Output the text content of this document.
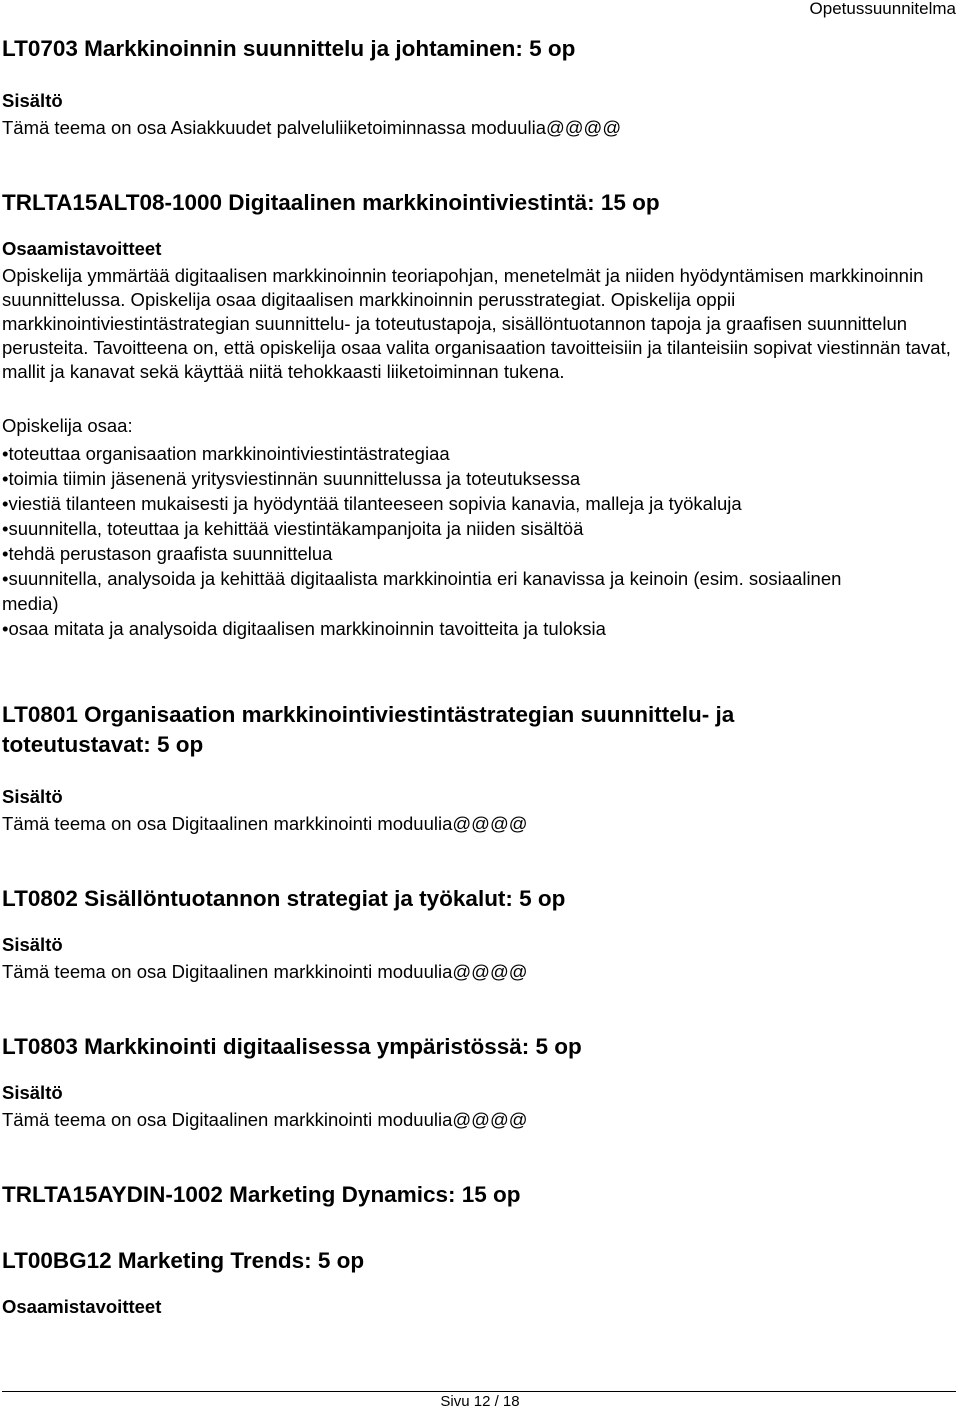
Opetussuunnitelma
LT0703 Markkinoinnin suunnittelu ja johtaminen: 5 op
Sisältö

Tämä teema on osa Asiakkuudet palveluliiketoiminnassa moduulia@@@@

TRLTA15ALT08-1000 Digitaalinen markkinointiviestintä: 15 op
Osaamistavoitteet

Opiskelija ymmärtää digitaalisen markkinoinnin teoriapohjan, menetelmät ja niiden hyödyntämisen markkinoinnin suunnittelussa. Opiskelija osaa digitaalisen markkinoinnin perusstrategiat. Opiskelija oppii markkinointiviestintästrategian suunnittelu- ja toteutustapoja, sisällöntuotannon tapoja ja graafisen suunnittelun perusteita. Tavoitteena on, että opiskelija osaa valita organisaation tavoitteisiin ja tilanteisiin sopivat viestinnän tavat, mallit ja kanavat sekä käyttää niitä tehokkaasti liiketoiminnan tukena.

Opiskelija osaa:

•toteuttaa organisaation markkinointiviestintästrategiaa
•toimia tiimin jäsenenä yritysviestinnän suunnittelussa ja toteutuksessa
•viestiä tilanteen mukaisesti ja hyödyntää tilanteeseen sopivia kanavia, malleja ja työkaluja
•suunnitella, toteuttaa ja kehittää viestintäkampanjoita ja niiden sisältöä
•tehdä perustason graafista suunnittelua
•suunnitella, analysoida ja kehittää digitaalista markkinointia eri kanavissa ja keinoin (esim. sosiaalinen media)
•osaa mitata ja analysoida digitaalisen markkinoinnin tavoitteita ja tuloksia
LT0801 Organisaation markkinointiviestintästrategian suunnittelu- ja toteutustavat: 5 op
Sisältö

Tämä teema on osa Digitaalinen markkinointi moduulia@@@@

LT0802 Sisällöntuotannon strategiat ja työkalut: 5 op
Sisältö

Tämä teema on osa Digitaalinen markkinointi moduulia@@@@

LT0803 Markkinointi digitaalisessa ympäristössä: 5 op
Sisältö

Tämä teema on osa Digitaalinen markkinointi moduulia@@@@

TRLTA15AYDIN-1002 Marketing Dynamics: 15 op
LT00BG12 Marketing Trends: 5 op
Osaamistavoitteet
Sivu 12 / 18
